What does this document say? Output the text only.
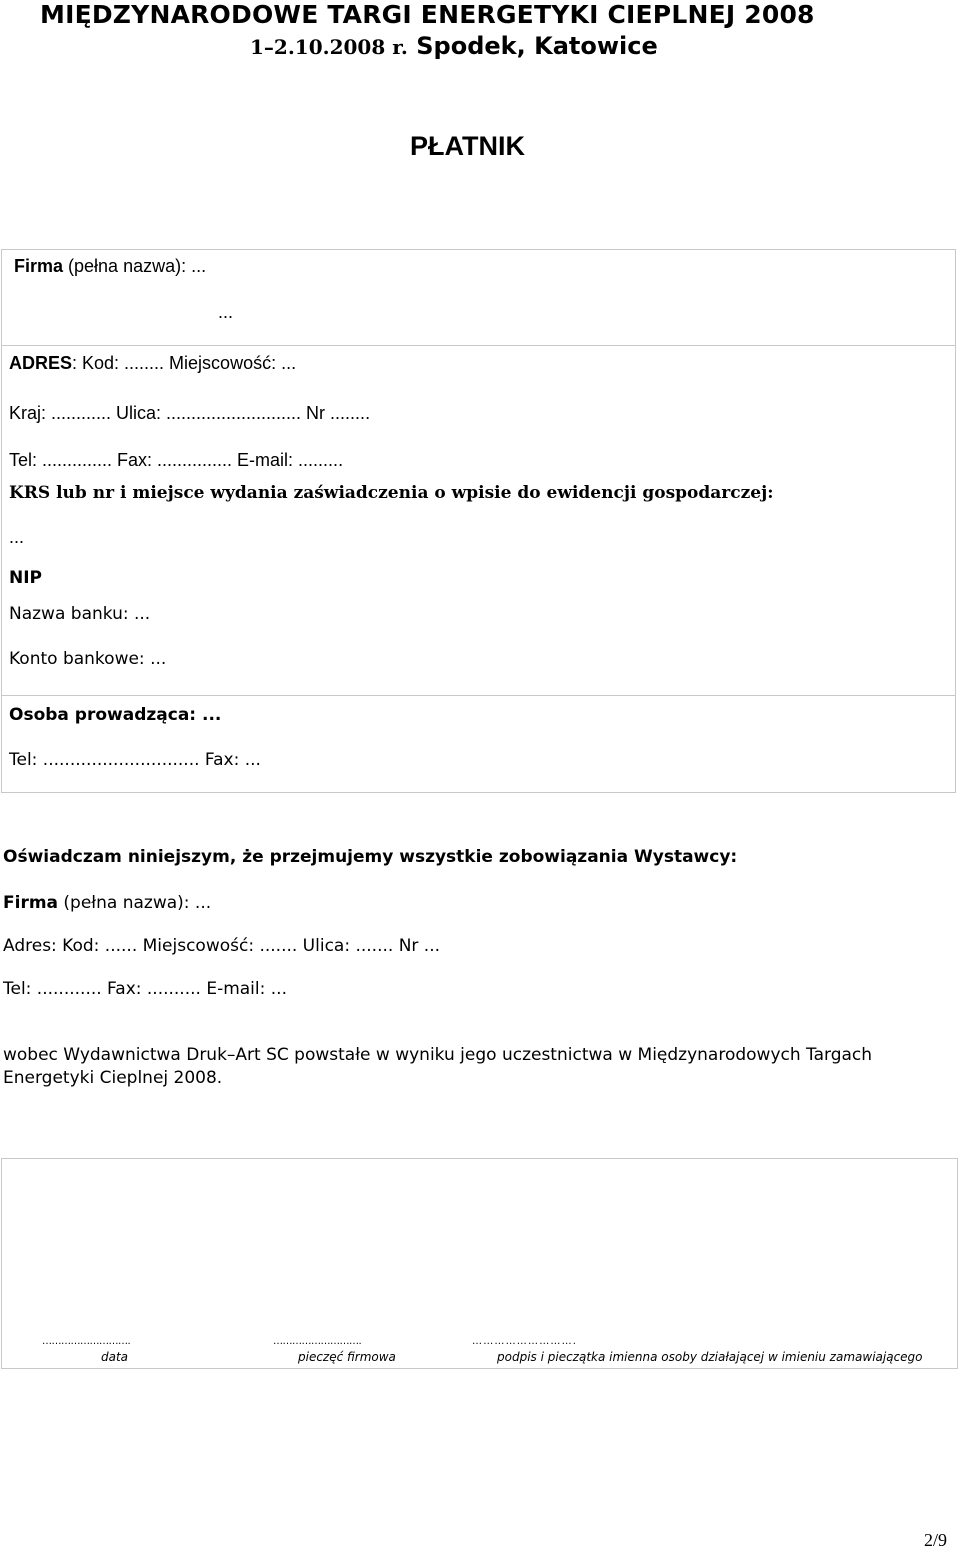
MIĘDZYNARODOWE TARGI ENERGETYKI CIEPLNEJ 2008
1–2.10.2008 r. Spodek, Katowice
PŁATNIK
Firma (pełna nazwa): ...
...
ADRES: Kod: ........ Miejscowość: ...
Kraj: ............ Ulica: ........................... Nr ........
Tel: .............. Fax: ............... E-mail: .........
KRS lub nr i miejsce wydania zaświadczenia o wpisie do ewidencji gospodarczej:
...
NIP
Nazwa banku: ...
Konto bankowe: ...
Osoba prowadząca: ...
Tel: ............................. Fax: ...
Oświadczam niniejszym, że przejmujemy wszystkie zobowiązania Wystawcy:
Firma (pełna nazwa): ...
Adres: Kod: ...... Miejscowość: ....... Ulica: ....... Nr ...
Tel: ............ Fax: .......... E-mail: ...
wobec Wydawnictwa Druk–Art SC powstałe w wyniku jego uczestnictwa w Międzynarodowych Targach Energetyki Cieplnej 2008.
……………………….	……………………….	……………………….
data	pieczęć firmowa	podpis i pieczątka imienna osoby działającej w imieniu zamawiającego
2/9
